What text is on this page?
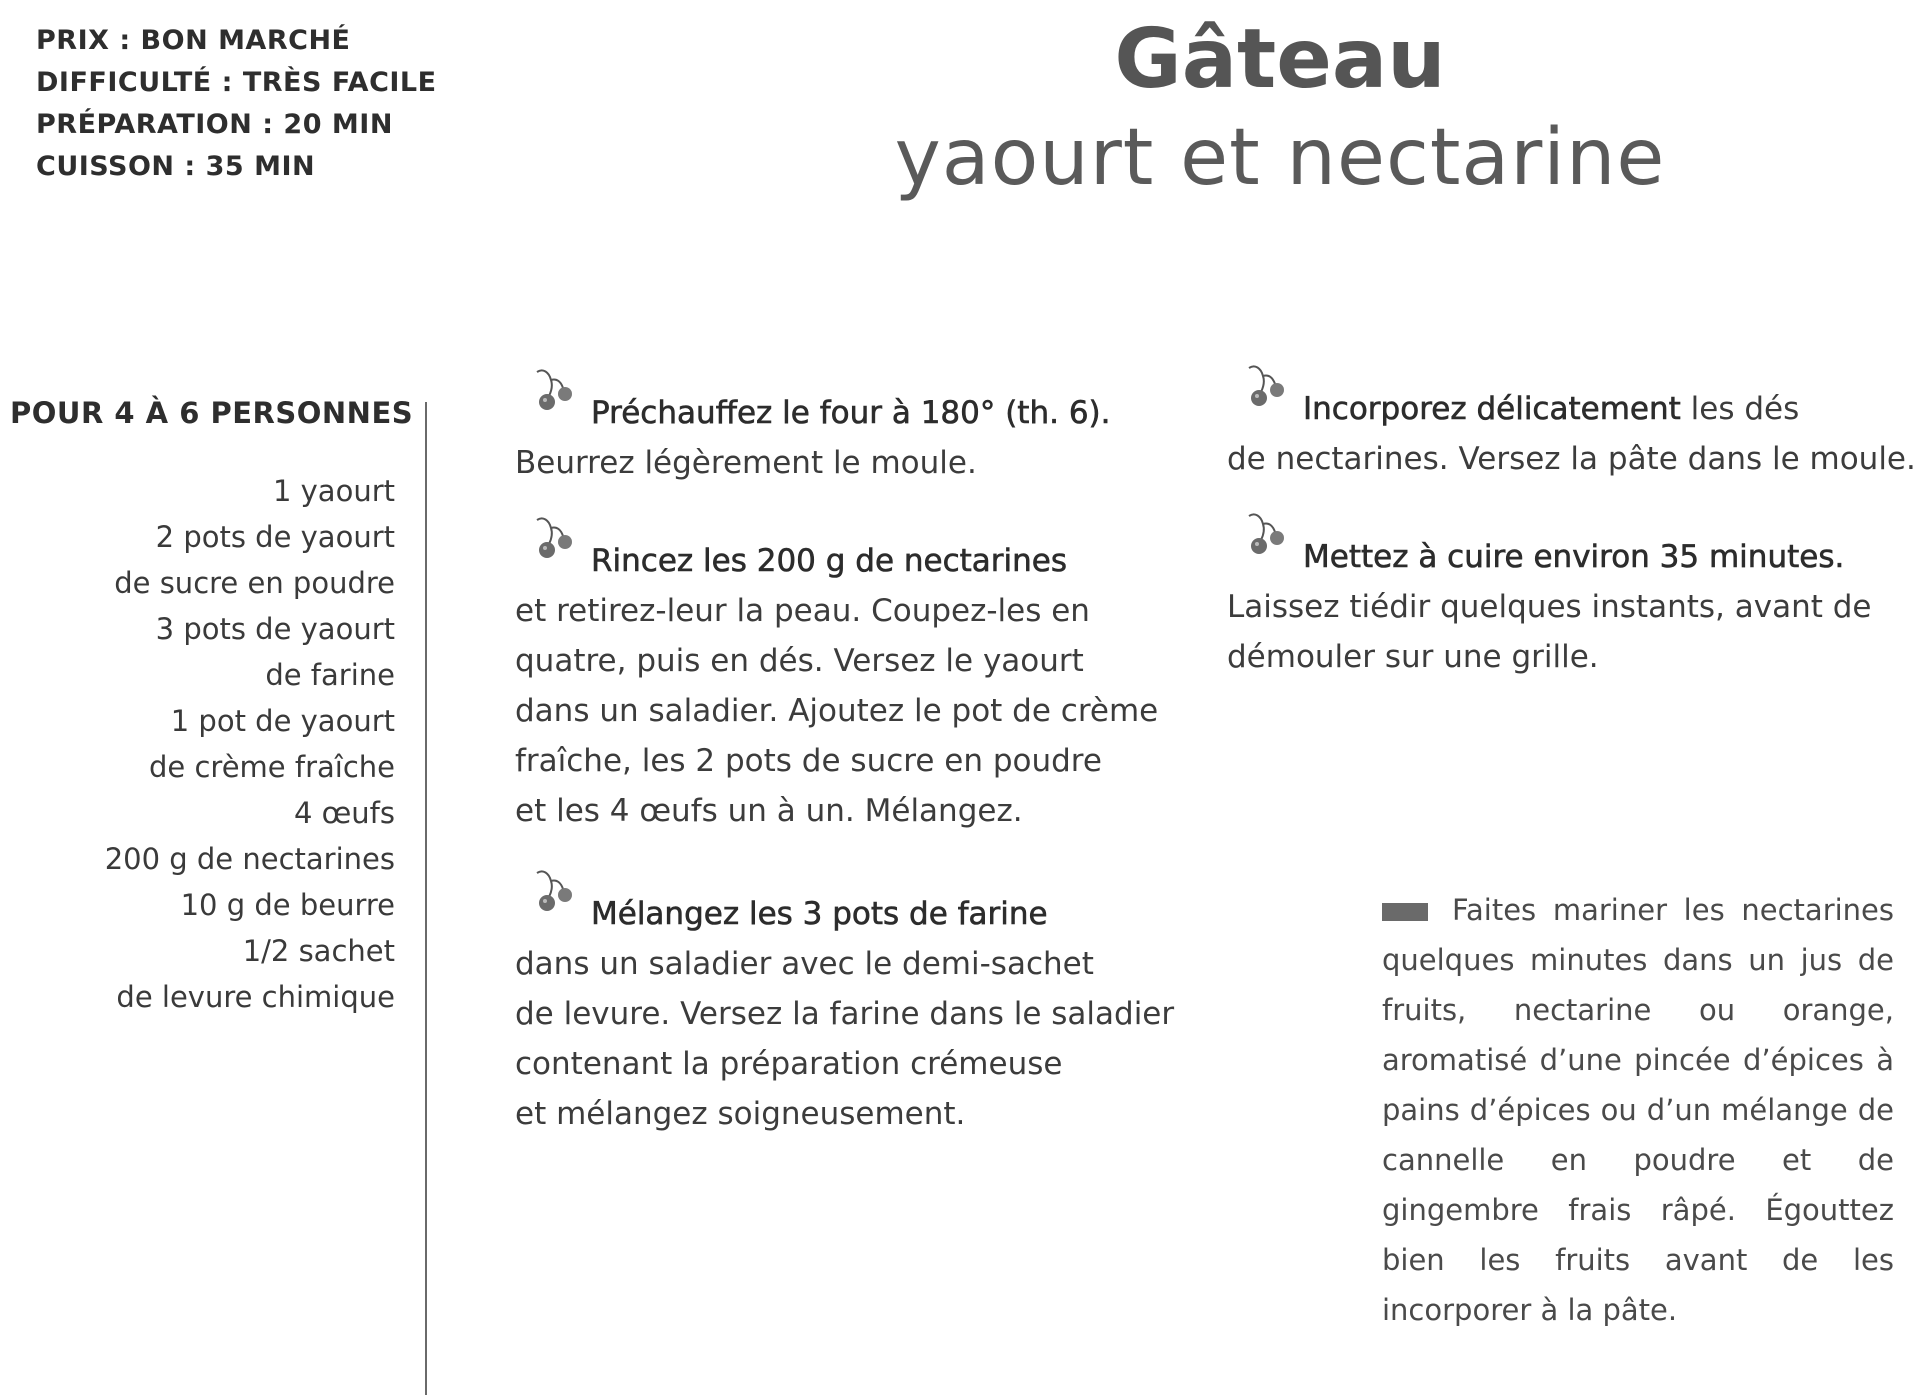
PRIX : BON MARCHÉ
DIFFICULTÉ : TRÈS FACILE
PRÉPARATION : 20 MIN
CUISSON : 35 MIN
Gâteau
yaourt et nectarine
POUR 4 À 6 PERSONNES
1 yaourt
2 pots de yaourt
de sucre en poudre
3 pots de yaourt
de farine
1 pot de yaourt
de crème fraîche
4 œufs
200 g de nectarines
10 g de beurre
1/2 sachet
de levure chimique
Préchauffez le four à 180° (th. 6).
Beurrez légèrement le moule.
Rincez les 200 g de nectarines
et retirez-leur la peau. Coupez-les en
quatre, puis en dés. Versez le yaourt
dans un saladier. Ajoutez le pot de crème
fraîche, les 2 pots de sucre en poudre
et les 4 œufs un à un. Mélangez.
Mélangez les 3 pots de farine
dans un saladier avec le demi-sachet
de levure. Versez la farine dans le saladier
contenant la préparation crémeuse
et mélangez soigneusement.
Incorporez délicatement les dés
de nectarines. Versez la pâte dans le moule.
Mettez à cuire environ 35 minutes.
Laissez tiédir quelques instants, avant de
démouler sur une grille.
Faites mariner les nectarines quelques minutes dans un jus de fruits, nectarine ou orange, aromatisé d’une pincée d’épices à pains d’épices ou d’un mélange de cannelle en poudre et de gingembre frais râpé. Égouttez bien les fruits avant de les incorporer à la pâte.
